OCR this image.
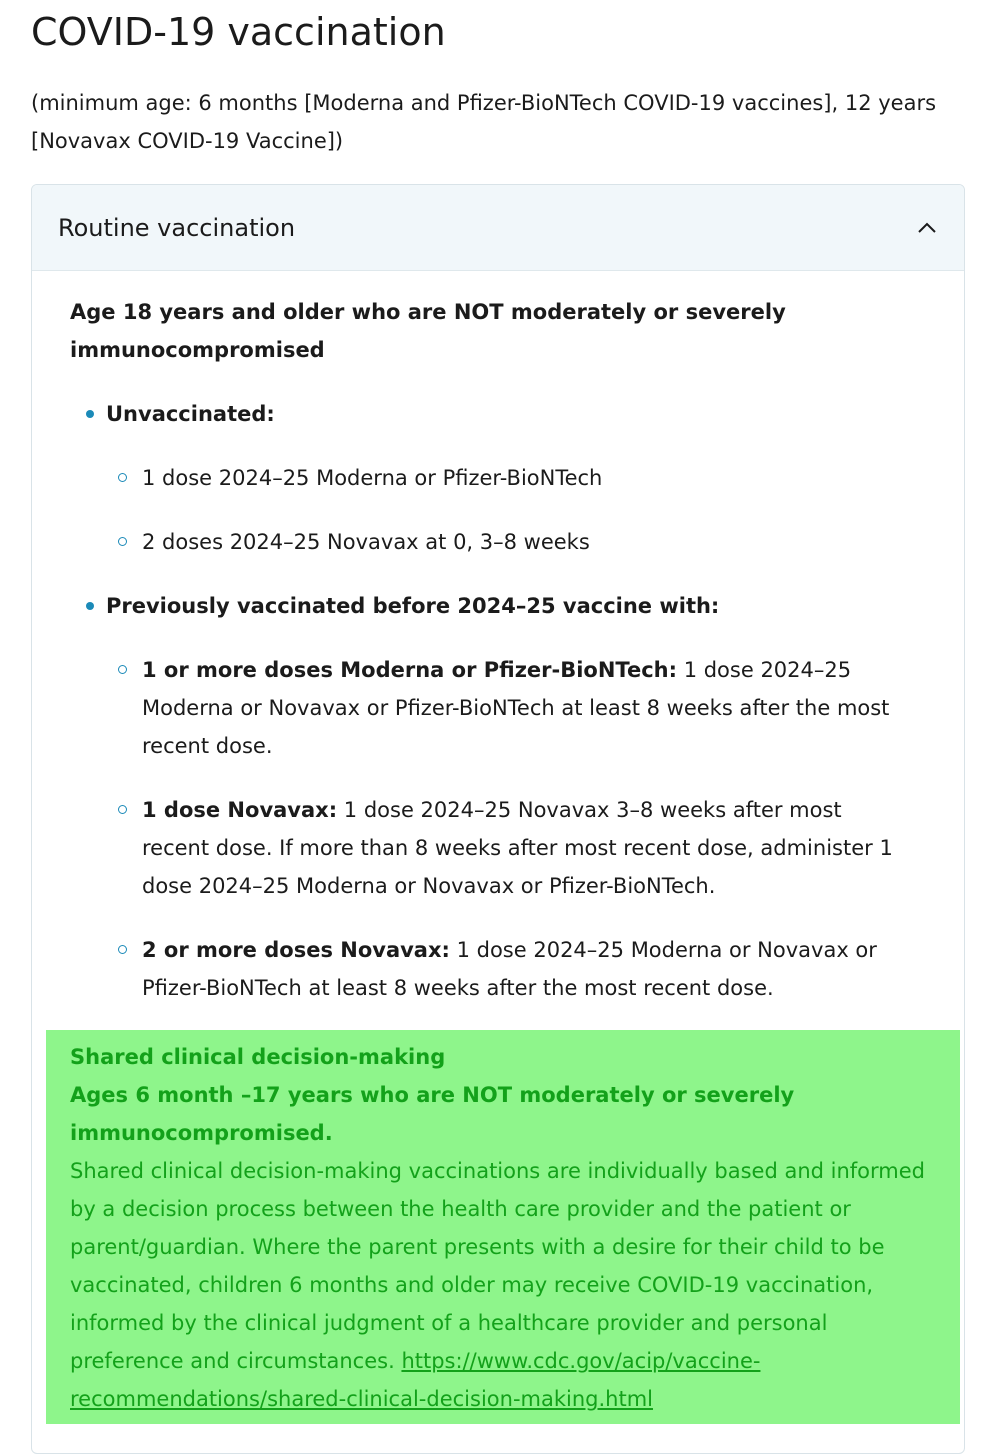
COVID-19 vaccination

(minimum age: 6 months [Moderna and Pfizer-BioNTech COVID-19 vaccines], 12 years [Novavax COVID-19 Vaccine])

Routine vaccination

Age 18 years and older who are NOT moderately or severely immunocompromised

Unvaccinated:
1 dose 2024–25 Moderna or Pfizer-BioNTech
2 doses 2024–25 Novavax at 0, 3–8 weeks
Previously vaccinated before 2024–25 vaccine with:
1 or more doses Moderna or Pfizer-BioNTech: 1 dose 2024–25 Moderna or Novavax or Pfizer-BioNTech at least 8 weeks after the most recent dose.
1 dose Novavax: 1 dose 2024–25 Novavax 3–8 weeks after most recent dose. If more than 8 weeks after most recent dose, administer 1 dose 2024–25 Moderna or Novavax or Pfizer-BioNTech.
2 or more doses Novavax: 1 dose 2024–25 Moderna or Novavax or Pfizer-BioNTech at least 8 weeks after the most recent dose.
Shared clinical decision-making
Ages 6 month –17 years who are NOT moderately or severely immunocompromised.
Shared clinical decision-making vaccinations are individually based and informed by a decision process between the health care provider and the patient or parent/guardian. Where the parent presents with a desire for their child to be vaccinated, children 6 months and older may receive COVID-19 vaccination, informed by the clinical judgment of a healthcare provider and personal preference and circumstances. https://www.cdc.gov/acip/vaccine-recommendations/shared-clinical-decision-making.html
